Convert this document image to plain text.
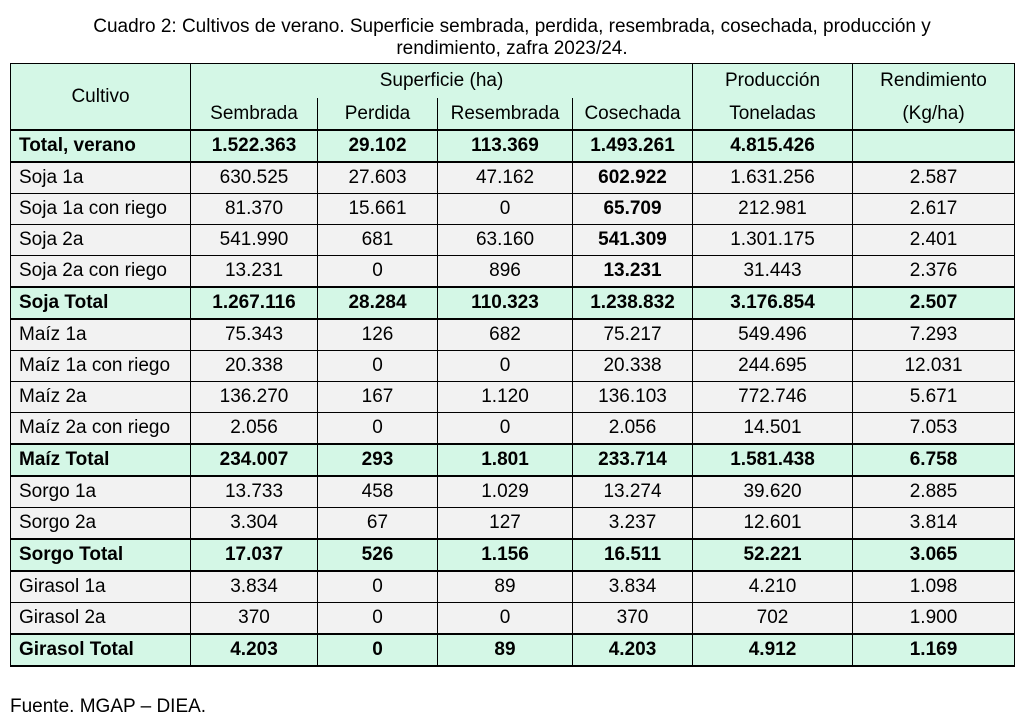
Cuadro 2: Cultivos de verano. Superficie sembrada, perdida, resembrada, cosechada, producción y
rendimiento, zafra 2023/24.
Cultivo	Superficie (ha)				Producción	Rendimiento
	Sembrada	Perdida	Resembrada	Cosechada	Toneladas	(Kg/ha)
Total, verano	1.522.363	29.102	113.369	1.493.261	4.815.426	
Soja 1a	630.525	27.603	47.162	602.922	1.631.256	2.587
Soja 1a con riego	81.370	15.661	0	65.709	212.981	2.617
Soja 2a	541.990	681	63.160	541.309	1.301.175	2.401
Soja 2a con riego	13.231	0	896	13.231	31.443	2.376
Soja Total	1.267.116	28.284	110.323	1.238.832	3.176.854	2.507
Maíz 1a	75.343	126	682	75.217	549.496	7.293
Maíz 1a con riego	20.338	0	0	20.338	244.695	12.031
Maíz 2a	136.270	167	1.120	136.103	772.746	5.671
Maíz 2a con riego	2.056	0	0	2.056	14.501	7.053
Maíz Total	234.007	293	1.801	233.714	1.581.438	6.758
Sorgo 1a	13.733	458	1.029	13.274	39.620	2.885
Sorgo 2a	3.304	67	127	3.237	12.601	3.814
Sorgo Total	17.037	526	1.156	16.511	52.221	3.065
Girasol 1a	3.834	0	89	3.834	4.210	1.098
Girasol 2a	370	0	0	370	702	1.900
Girasol Total	4.203	0	89	4.203	4.912	1.169
Fuente. MGAP – DIEA.
